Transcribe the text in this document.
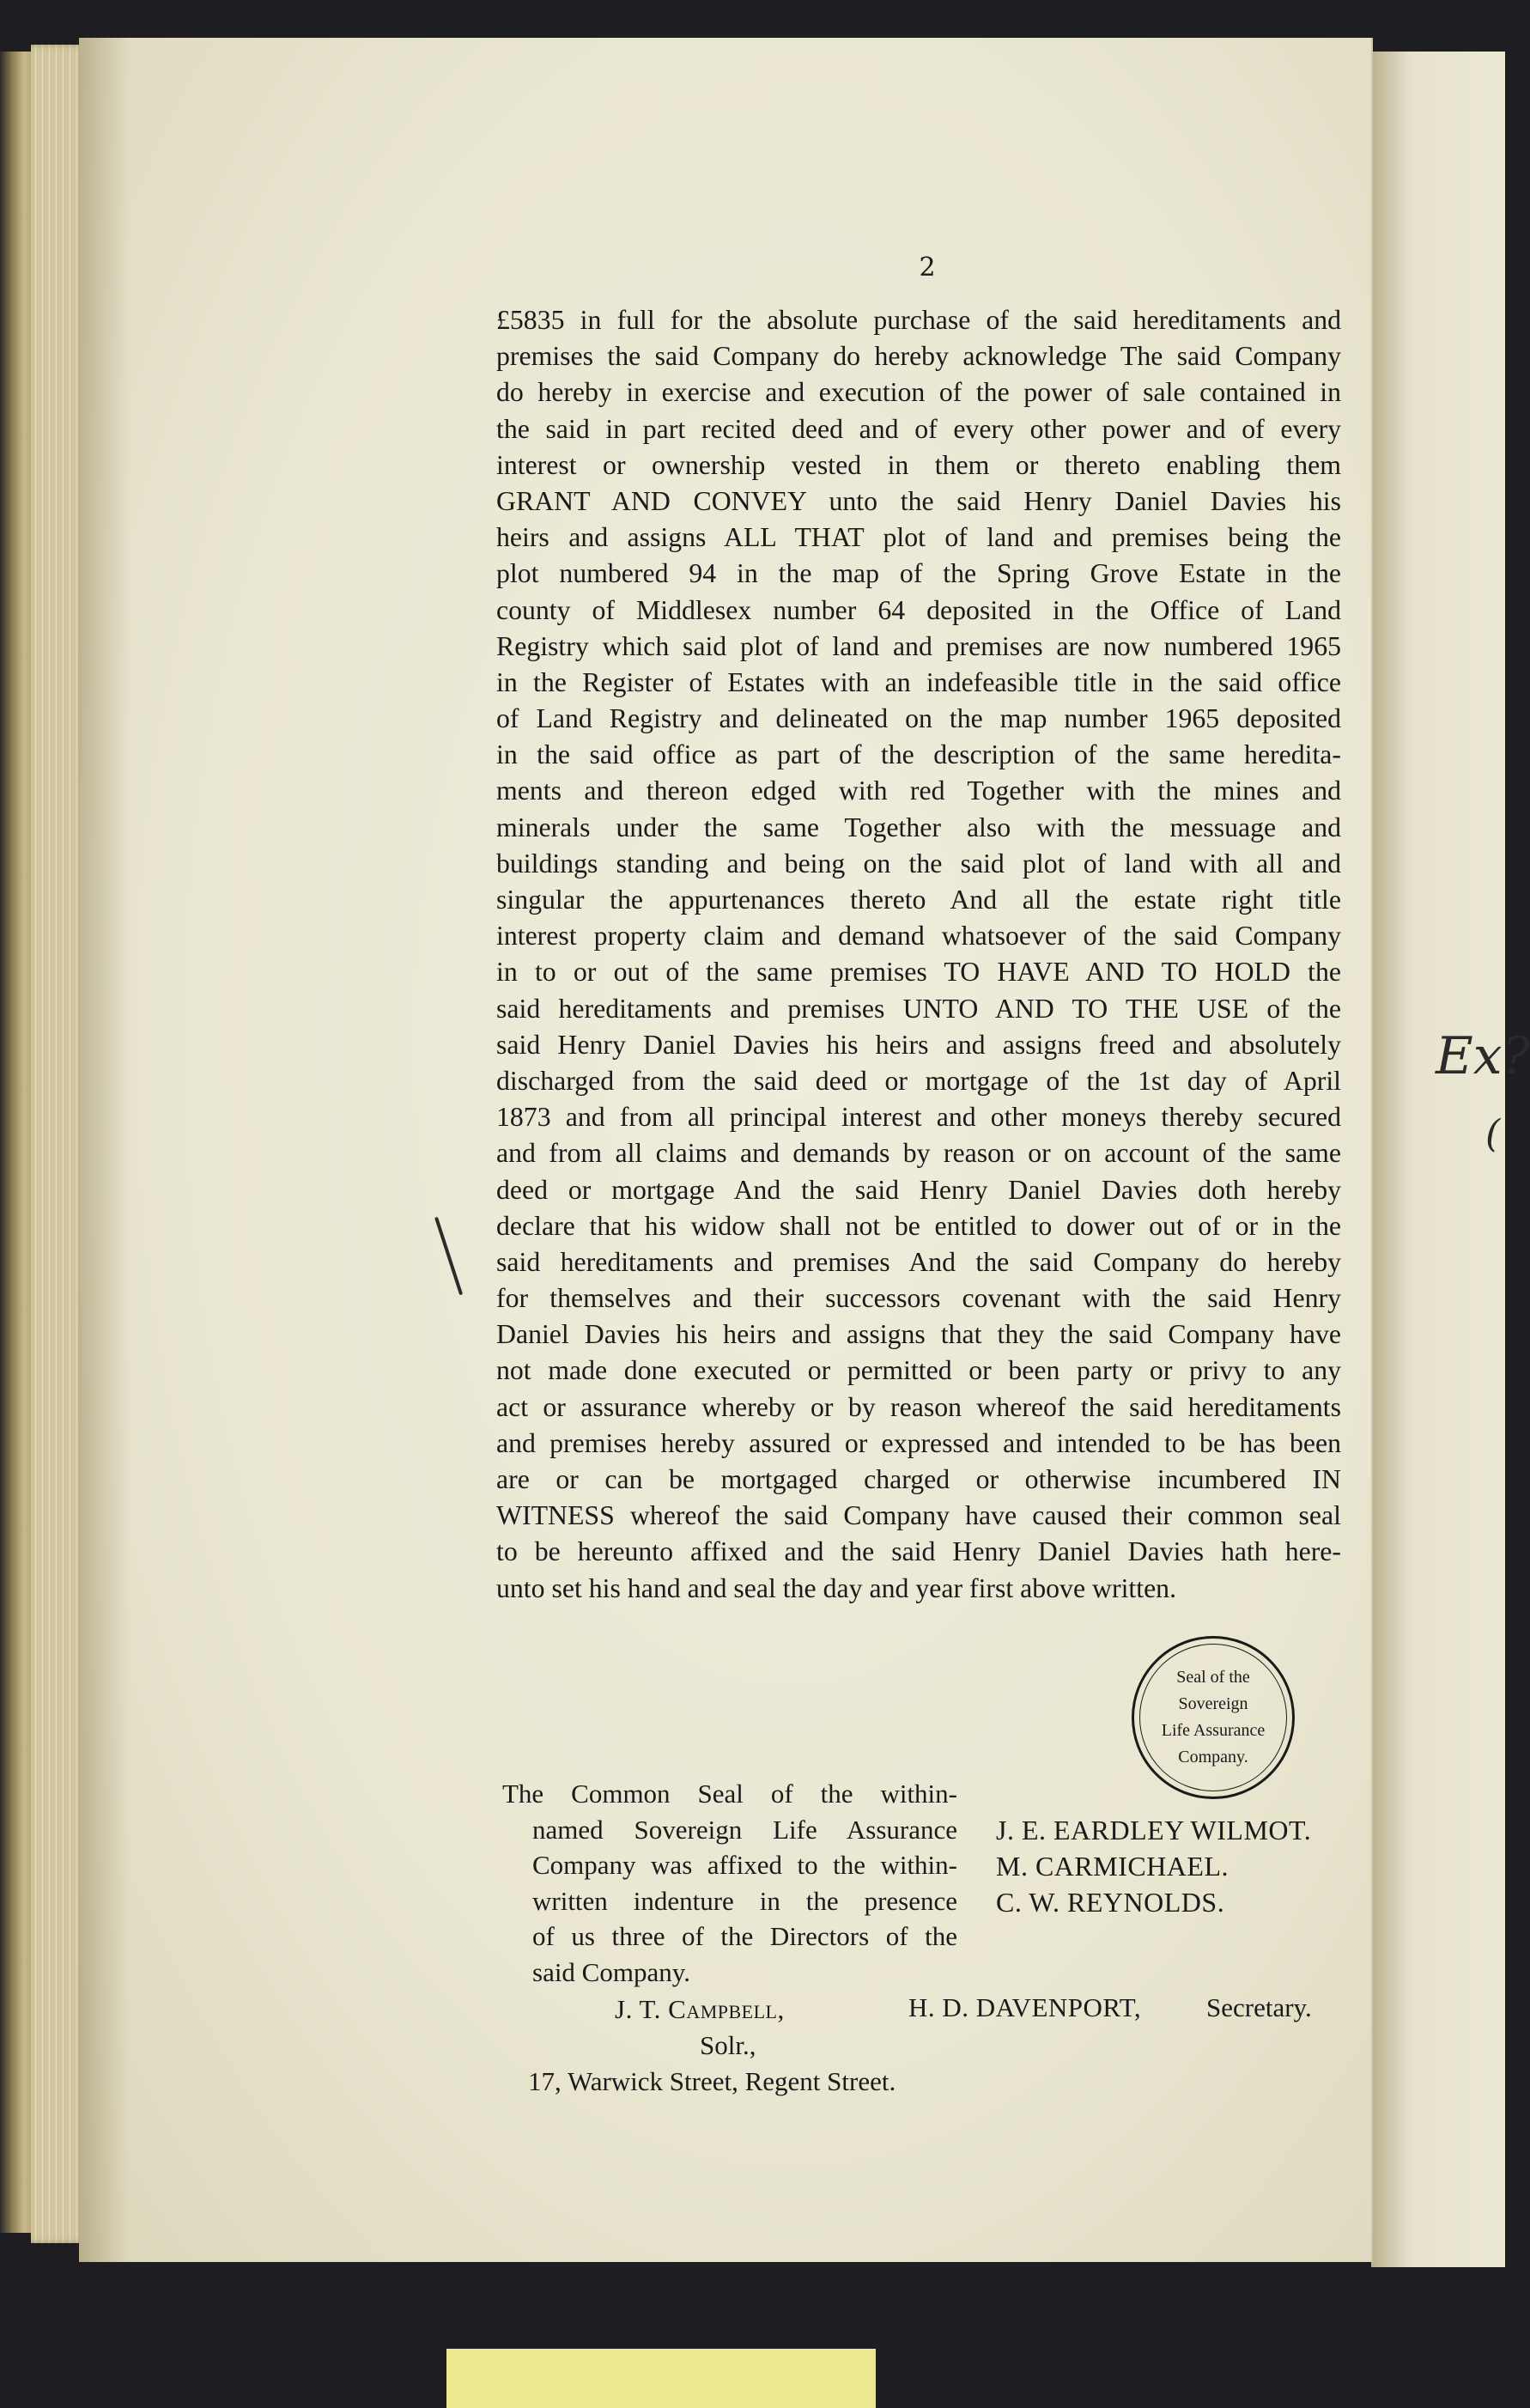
Ex?
(
2
£5835 in full for the absolute purchase of the said hereditaments and
premises the said Company do hereby acknowledge The said Company
do hereby in exercise and execution of the power of sale contained in
the said in part recited deed and of every other power and of every
interest or ownership vested in them or thereto enabling them
GRANT AND CONVEY unto the said Henry Daniel Davies his
heirs and assigns ALL THAT plot of land and premises being the
plot numbered 94 in the map of the Spring Grove Estate in the
county of Middlesex number 64 deposited in the Office of Land
Registry which said plot of land and premises are now numbered 1965
in the Register of Estates with an indefeasible title in the said office
of Land Registry and delineated on the map number 1965 deposited
in the said office as part of the description of the same heredita-
ments and thereon edged with red Together with the mines and
minerals under the same Together also with the messuage and
buildings standing and being on the said plot of land with all and
singular the appurtenances thereto And all the estate right title
interest property claim and demand whatsoever of the said Company
in to or out of the same premises TO HAVE AND TO HOLD the
said hereditaments and premises UNTO AND TO THE USE of the
said Henry Daniel Davies his heirs and assigns freed and absolutely
discharged from the said deed or mortgage of the 1st day of April
1873 and from all principal interest and other moneys thereby secured
and from all claims and demands by reason or on account of the same
deed or mortgage And the said Henry Daniel Davies doth hereby
declare that his widow shall not be entitled to dower out of or in the
said hereditaments and premises And the said Company do hereby
for themselves and their successors covenant with the said Henry
Daniel Davies his heirs and assigns that they the said Company have
not made done executed or permitted or been party or privy to any
act or assurance whereby or by reason whereof the said hereditaments
and premises hereby assured or expressed and intended to be has been
are or can be mortgaged charged or otherwise incumbered IN
WITNESS whereof the said Company have caused their common seal
to be hereunto affixed and the said Henry Daniel Davies hath here-
unto set his hand and seal the day and year first above written.
Seal of the
Sovereign
Life Assurance
Company.
The Common Seal of the within-
named Sovereign Life Assurance
Company was affixed to the within-
written indenture in the presence
of us three of the Directors of the
said Company.
J. E. EARDLEY WILMOT.
M. CARMICHAEL.
C. W. REYNOLDS.
J. T. Campbell,
Solr.,
17, Warwick Street, Regent Street.
H. D. DAVENPORT, Secretary.
